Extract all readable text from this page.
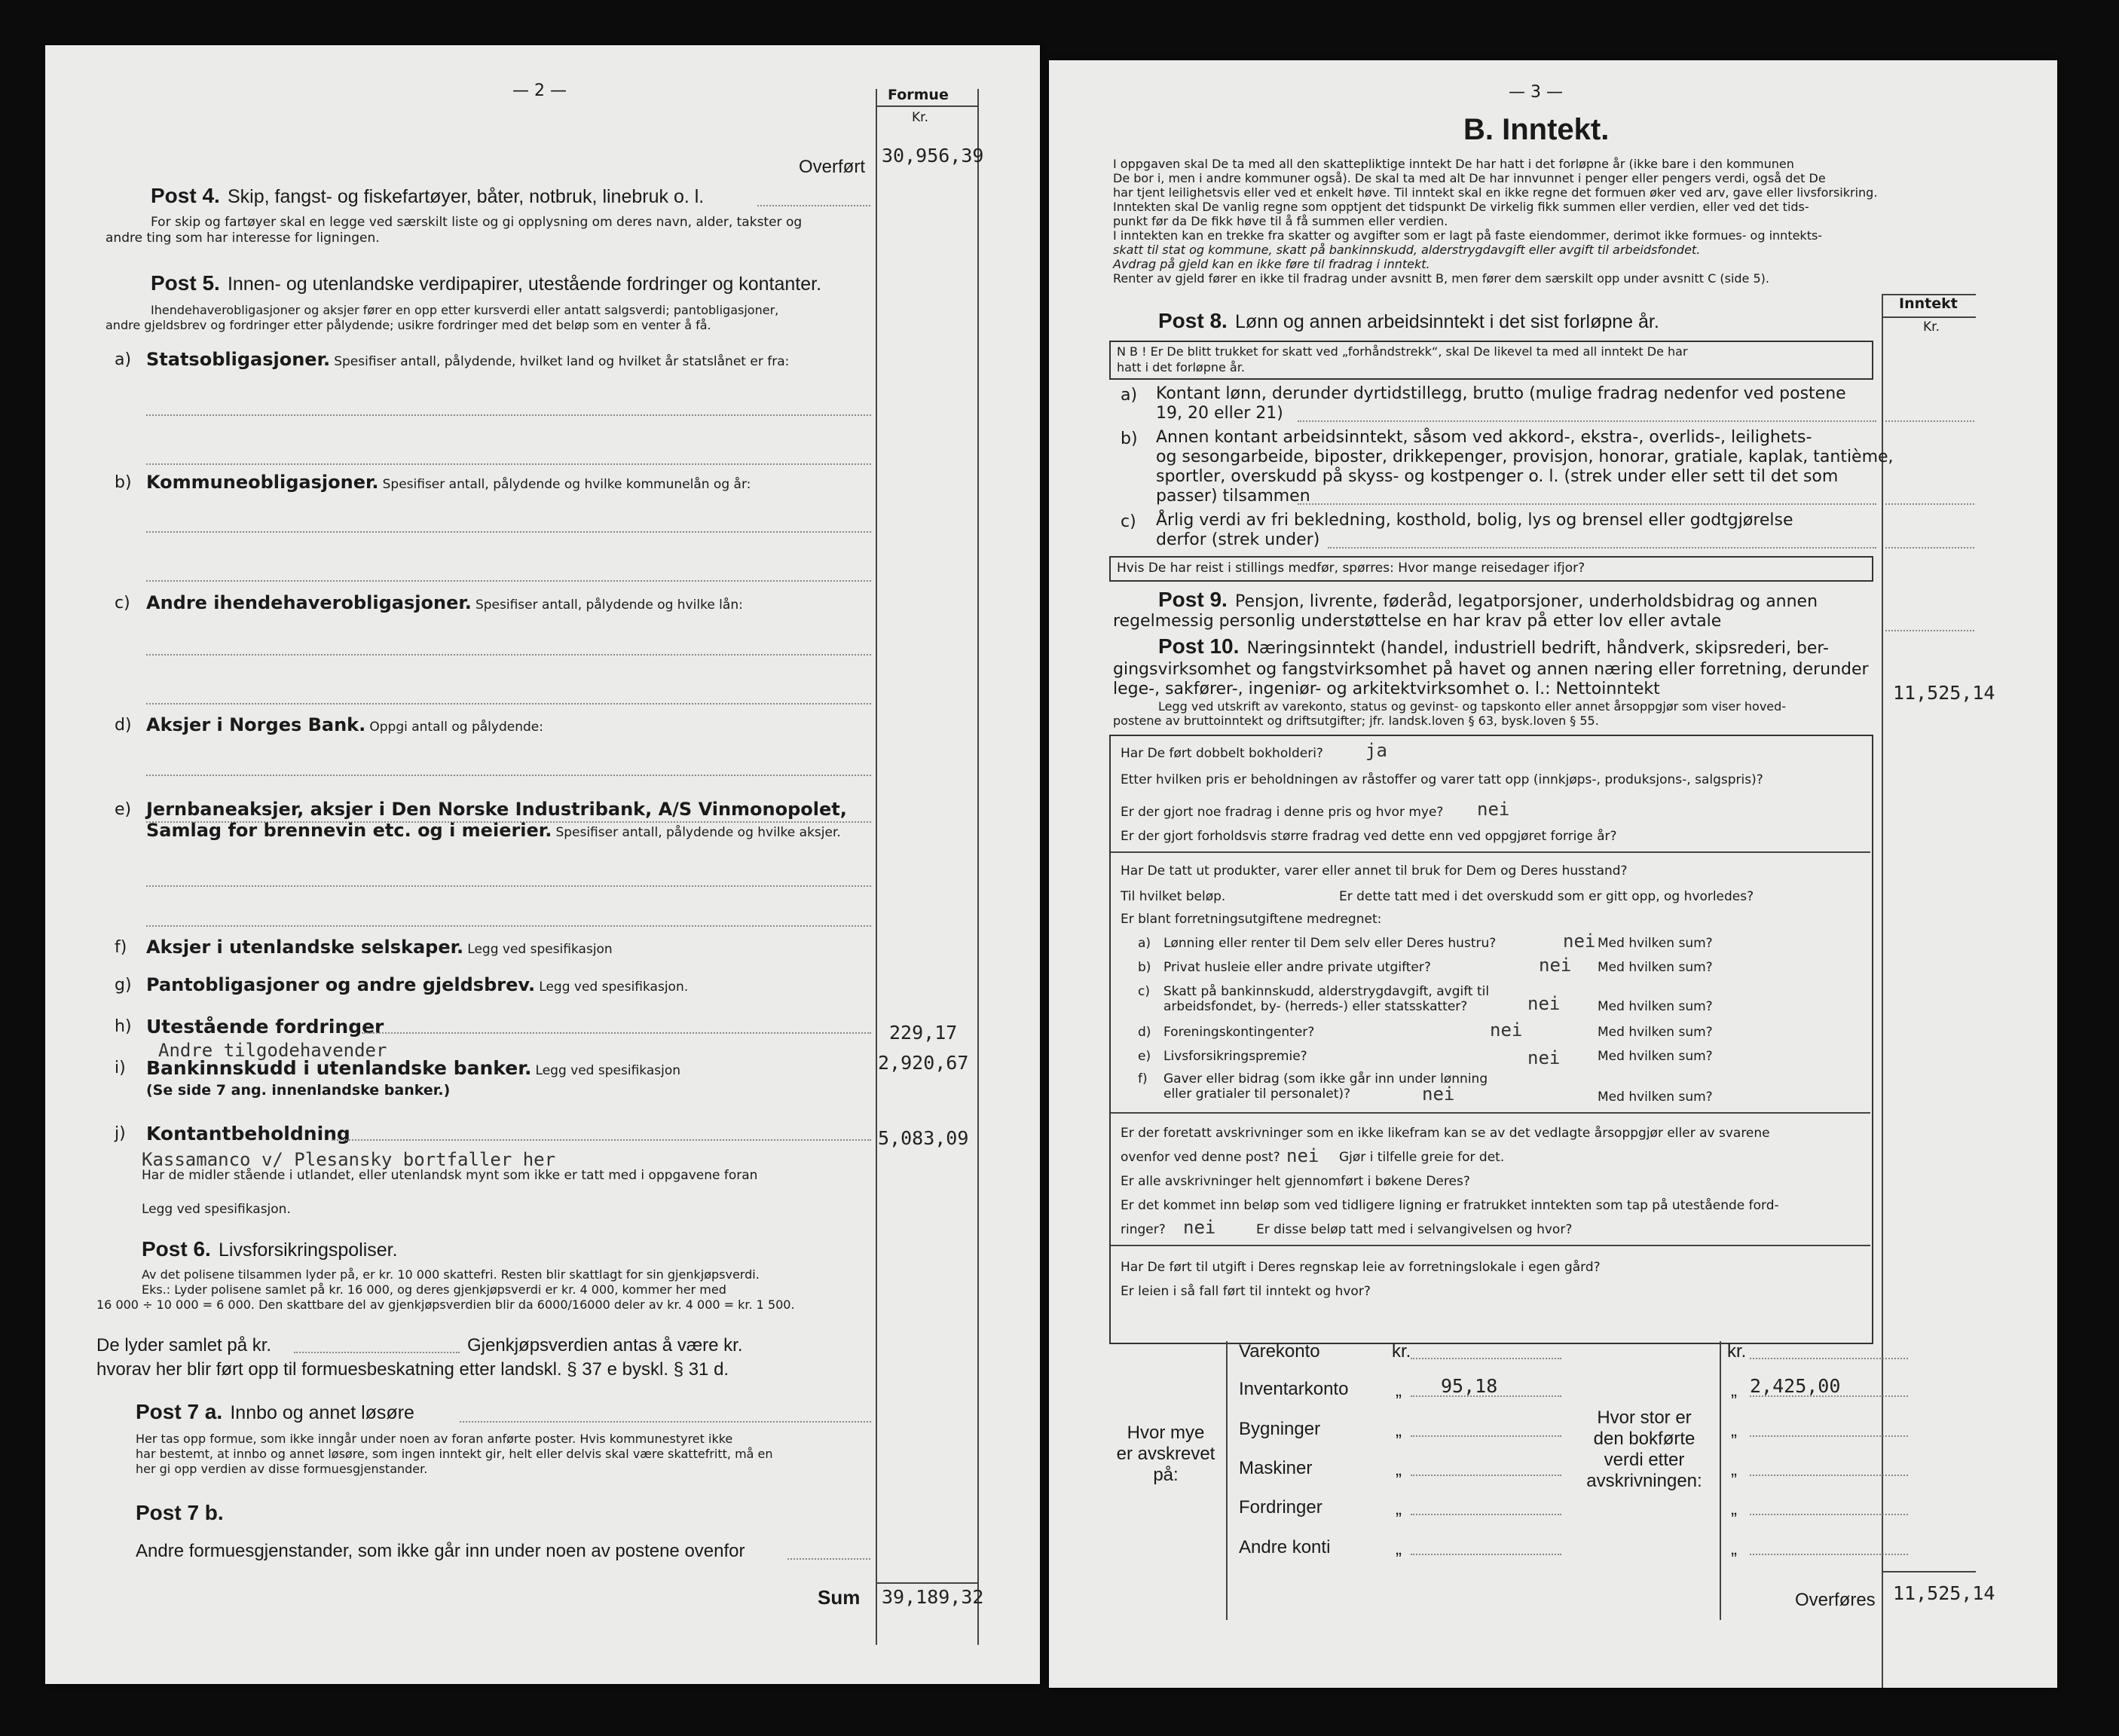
— 2 —	Formue
Kr.
Overført
30,956,39
Post 4. Skip, fangst- og fiskefartøyer, båter, notbruk, linebruk o. l.
For skip og fartøyer skal en legge ved særskilt liste og gi opplysning om deres navn, alder, takster og
andre ting som har interesse for ligningen.
Post 5. Innen- og utenlandske verdipapirer, utestående fordringer og kontanter.
Ihendehaverobligasjoner og aksjer fører en opp etter kursverdi eller antatt salgsverdi; pantobligasjoner,
andre gjeldsbrev og fordringer etter pålydende; usikre fordringer med det beløp som en venter å få.
a) Statsobligasjoner. Spesifiser antall, pålydende, hvilket land og hvilket år statslånet er fra:
b) Kommuneobligasjoner. Spesifiser antall, pålydende og hvilke kommunelån og år:
c) Andre ihendehaverobligasjoner. Spesifiser antall, pålydende og hvilke lån:
d) Aksjer i Norges Bank. Oppgi antall og pålydende:
e) Jernbaneaksjer, aksjer i Den Norske Industribank, A/S Vinmonopolet,
Samlag for brennevin etc. og i meierier. Spesifiser antall, pålydende og hvilke aksjer.
f) Aksjer i utenlandske selskaper. Legg ved spesifikasjon
g) Pantobligasjoner og andre gjeldsbrev. Legg ved spesifikasjon.
h) Utestående fordringer
Andre tilgodehavender
229,17
i) Bankinnskudd i utenlandske banker. Legg ved spesifikasjon
(Se side 7 ang. innenlandske banker.)
2,920,67
j) Kontantbeholdning	5,083,09
Kassamanco v/ Plesansky bortfaller her
Har de midler stående i utlandet, eller utenlandsk mynt som ikke er tatt med i oppgavene foran
Legg ved spesifikasjon.
Post 6. Livsforsikringspoliser.
Av det polisene tilsammen lyder på, er kr. 10 000 skattefri. Resten blir skattlagt for sin gjenkjøpsverdi.
Eks.: Lyder polisene samlet på kr. 16 000, og deres gjenkjøpsverdi er kr. 4 000, kommer her med
16 000 ÷ 10 000 = 6 000. Den skattbare del av gjenkjøpsverdien blir da 6000/16000 deler av kr. 4 000 = kr. 1 500.
De lyder samlet på kr.	Gjenkjøpsverdien antas å være kr.
hvorav her blir ført opp til formuesbeskatning etter landskl. § 37 e byskl. § 31 d.
Post 7 a. Innbo og annet løsøre
Her tas opp formue, som ikke inngår under noen av foran anførte poster. Hvis kommunestyret ikke
har bestemt, at innbo og annet løsøre, som ingen inntekt gir, helt eller delvis skal være skattefritt, må en
her gi opp verdien av disse formuesgjenstander.
Post 7 b.
Andre formuesgjenstander, som ikke går inn under noen av postene ovenfor
Sum 39,189,32
— 3 —
B. Inntekt.
I oppgaven skal De ta med all den skattepliktige inntekt De har hatt i det forløpne år (ikke bare i den kommunen
De bor i, men i andre kommuner også). De skal ta med alt De har innvunnet i penger eller pengers verdi, også det De
har tjent leilighetsvis eller ved et enkelt høve. Til inntekt skal en ikke regne det formuen øker ved arv, gave eller livsforsikring.
Inntekten skal De vanlig regne som opptjent det tidspunkt De virkelig fikk summen eller verdien, eller ved det tids-
punkt før da De fikk høve til å få summen eller verdien.
I inntekten kan en trekke fra skatter og avgifter som er lagt på faste eiendommer, derimot ikke formues- og inntekts-
skatt til stat og kommune, skatt på bankinnskudd, alderstrygdavgift eller avgift til arbeidsfondet.
Avdrag på gjeld kan en ikke føre til fradrag i inntekt.
Renter av gjeld fører en ikke til fradrag under avsnitt B, men fører dem særskilt opp under avsnitt C (side 5).
Inntekt
Kr.
Post 8. Lønn og annen arbeidsinntekt i det sist forløpne år.
N B ! Er De blitt trukket for skatt ved „forhåndstrekk“, skal De likevel ta med all inntekt De har
hatt i det forløpne år.
a) Kontant lønn, derunder dyrtidstillegg, brutto (mulige fradrag nedenfor ved postene
19, 20 eller 21)
b) Annen kontant arbeidsinntekt, såsom ved akkord-, ekstra-, overlids-, leilighets-
og sesongarbeide, biposter, drikkepenger, provisjon, honorar, gratiale, kaplak, tantième,
sportler, overskudd på skyss- og kostpenger o. l. (strek under eller sett til det som
passer) tilsammen
c) Årlig verdi av fri bekledning, kosthold, bolig, lys og brensel eller godtgjørelse
derfor (strek under)
Hvis De har reist i stillings medfør, spørres: Hvor mange reisedager ifjor?
Post 9. Pensjon, livrente, føderåd, legatporsjoner, underholdsbidrag og annen
regelmessig personlig understøttelse en har krav på etter lov eller avtale
Post 10. Næringsinntekt (handel, industriell bedrift, håndverk, skipsrederi, ber-
gingsvirksomhet og fangstvirksomhet på havet og annen næring eller forretning, derunder
lege-, sakfører-, ingeniør- og arkitektvirksomhet o. l.: Nettoinntekt
Legg ved utskrift av varekonto, status og gevinst- og tapskonto eller annet årsoppgjør som viser hoved-
postene av bruttoinntekt og driftsutgifter; jfr. landsk.loven § 63, bysk.loven § 55.
11,525,14
Har De ført dobbelt bokholderi? ja
Etter hvilken pris er beholdningen av råstoffer og varer tatt opp (innkjøps-, produksjons-, salgspris)?
Er der gjort noe fradrag i denne pris og hvor mye? nei
Er der gjort forholdsvis større fradrag ved dette enn ved oppgjøret forrige år?
Har De tatt ut produkter, varer eller annet til bruk for Dem og Deres husstand?
Til hvilket beløp.	Er dette tatt med i det overskudd som er gitt opp, og hvorledes?
Er blant forretningsutgiftene medregnet:
a) Lønning eller renter til Dem selv eller Deres hustru?	nei Med hvilken sum?
b) Privat husleie eller andre private utgifter?	nei Med hvilken sum?
c) Skatt på bankinnskudd, alderstrygdavgift, avgift til
arbeidsfondet, by- (herreds-) eller statsskatter?	nei	Med hvilken sum?
d) Foreningskontingenter?	nei	Med hvilken sum?
e) Livsforsikringspremie?	nei	Med hvilken sum?
f) Gaver eller bidrag (som ikke går inn under lønning
eller gratialer til personalet)?	nei	Med hvilken sum?
Er der foretatt avskrivninger som en ikke likefram kan se av det vedlagte årsoppgjør eller av svarene
ovenfor ved denne post? nei Gjør i tilfelle greie for det.
Er alle avskrivninger helt gjennomført i bøkene Deres?
Er det kommet inn beløp som ved tidligere ligning er fratrukket inntekten som tap på utestående ford-
ringer? nei	Er disse beløp tatt med i selvangivelsen og hvor?
Har De ført til utgift i Deres regnskap leie av forretningslokale i egen gård?
Er leien i så fall ført til inntekt og hvor?
Hvor mye
er avskrevet
på:
Hvor stor er
den bokførte
verdi etter
avskrivningen:
Varekonto	kr.	kr.
Inventarkonto	„ 95,18	„ 2,425,00
Bygninger	„	„
Maskiner	„	„
Fordringer	„	„
Andre konti	„	„
Overføres 11,525,14
